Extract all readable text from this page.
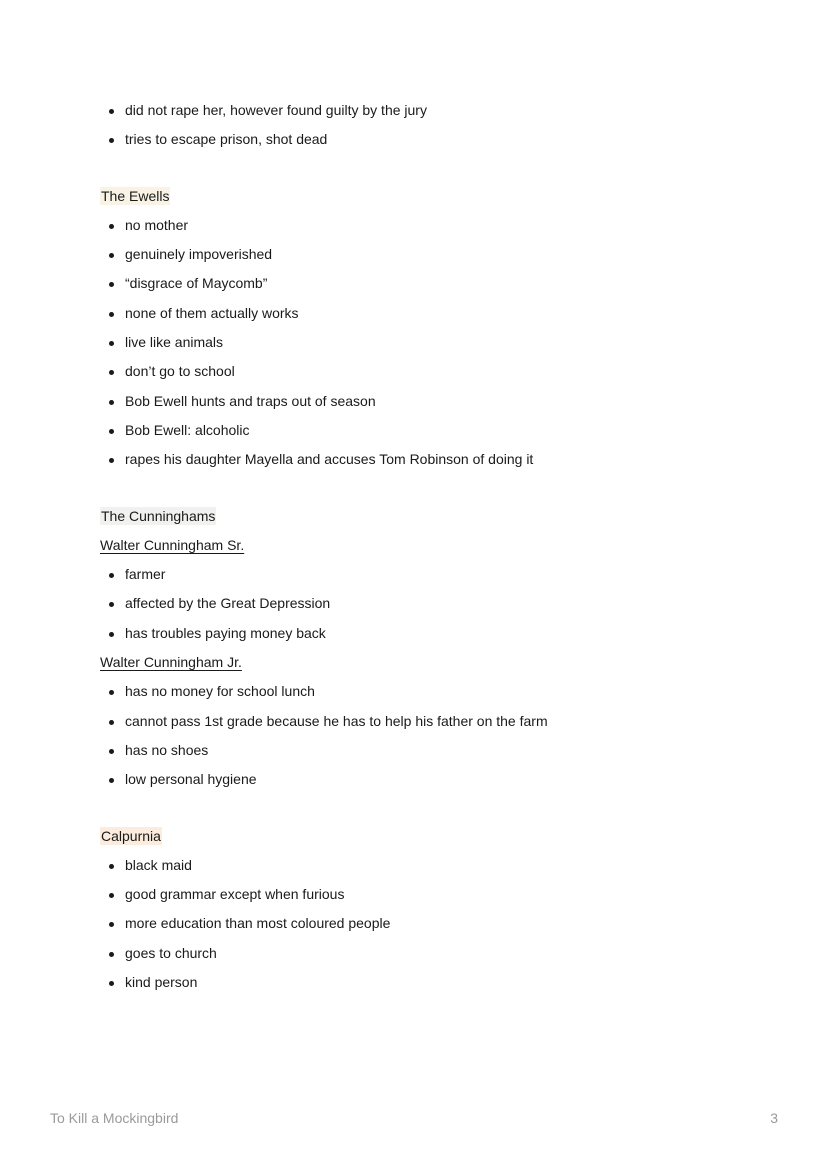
did not rape her, however found guilty by the jury
tries to escape prison, shot dead
The Ewells
no mother
genuinely impoverished
“disgrace of Maycomb”
none of them actually works
live like animals
don’t go to school
Bob Ewell hunts and traps out of season
Bob Ewell: alcoholic
rapes his daughter Mayella and accuses Tom Robinson of doing it
The Cunninghams
Walter Cunningham Sr.
farmer
affected by the Great Depression
has troubles paying money back
Walter Cunningham Jr.
has no money for school lunch
cannot pass 1st grade because he has to help his father on the farm
has no shoes
low personal hygiene
Calpurnia
black maid
good grammar except when furious
more education than most coloured people
goes to church
kind person
To Kill a Mockingbird	3
